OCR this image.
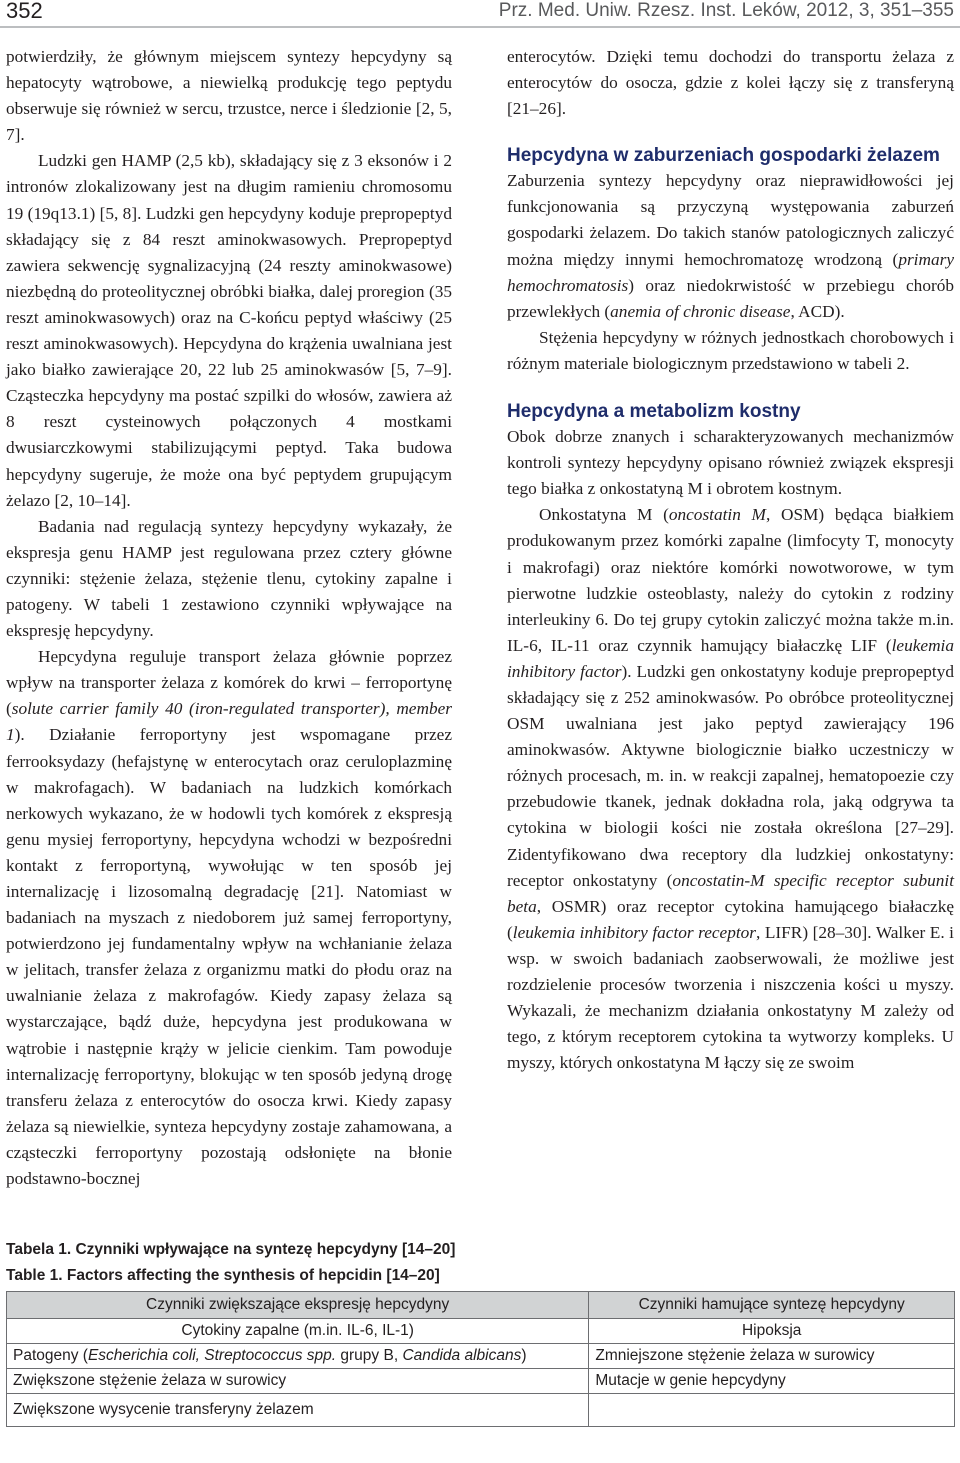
352	Prz. Med. Uniw. Rzesz. Inst. Leków, 2012, 3, 351–355

potwierdziły, że głównym miejscem syntezy hepcydyny są hepatocyty wątrobowe, a niewielką produkcję tego peptydu obserwuje się również w sercu, trzustce, nerce i śledzionie [2, 5, 7].

Ludzki gen HAMP (2,5 kb), składający się z 3 eksonów i 2 intronów zlokalizowany jest na długim ramieniu chromosomu 19 (19q13.1) [5, 8]. Ludzki gen hepcydyny koduje prepropeptyd składający się z 84 reszt aminokwasowych. Prepropeptyd zawiera sekwencję sygnalizacyjną (24 reszty aminokwasowe) niezbędną do proteolitycznej obróbki białka, dalej proregion (35 reszt aminokwasowych) oraz na C-końcu peptyd właściwy (25 reszt aminokwasowych). Hepcydyna do krążenia uwalniana jest jako białko zawierające 20, 22 lub 25 aminokwasów [5, 7–9]. Cząsteczka hepcydyny ma postać szpilki do włosów, zawiera aż 8 reszt cysteinowych połączonych 4 mostkami dwusiarczkowymi stabilizującymi peptyd. Taka budowa hepcydyny sugeruje, że może ona być peptydem grupującym żelazo [2, 10–14].

Badania nad regulacją syntezy hepcydyny wykazały, że ekspresja genu HAMP jest regulowana przez cztery główne czynniki: stężenie żelaza, stężenie tlenu, cytokiny zapalne i patogeny. W tabeli 1 zestawiono czynniki wpływające na ekspresję hepcydyny.

Hepcydyna reguluje transport żelaza głównie poprzez wpływ na transporter żelaza z komórek do krwi – ferroportynę (solute carrier family 40 (iron-regulated transporter), member 1). Działanie ferroportyny jest wspomagane przez ferrooksydazy (hefajstynę w enterocytach oraz ceruloplazminę w makrofagach). W badaniach na ludzkich komórkach nerkowych wykazano, że w hodowli tych komórek z ekspresją genu mysiej ferroportyny, hepcydyna wchodzi w bezpośredni kontakt z ferroportyną, wywołując w ten sposób jej internalizację i lizosomalną degradację [21]. Natomiast w badaniach na myszach z niedoborem już samej ferroportyny, potwierdzono jej fundamentalny wpływ na wchłanianie żelaza w jelitach, transfer żelaza z organizmu matki do płodu oraz na uwalnianie żelaza z makrofagów. Kiedy zapasy żelaza są wystarczające, bądź duże, hepcydyna jest produkowana w wątrobie i następnie krąży w jelicie cienkim. Tam powoduje internalizację ferroportyny, blokując w ten sposób jedyną drogę transferu żelaza z enterocytów do osocza krwi. Kiedy zapasy żelaza są niewielkie, synteza hepcydyny zostaje zahamowana, a cząsteczki ferroportyny pozostają odsłonięte na błonie podstawno-bocznej

enterocytów. Dzięki temu dochodzi do transportu żelaza z enterocytów do osocza, gdzie z kolei łączy się z transferyną [21–26].

Hepcydyna w zaburzeniach gospodarki żelazem

Zaburzenia syntezy hepcydyny oraz nieprawidłowości jej funkcjonowania są przyczyną występowania zaburzeń gospodarki żelazem. Do takich stanów patologicznych zaliczyć można między innymi hemochromatozę wrodzoną (primary hemochromatosis) oraz niedokrwistość w przebiegu chorób przewlekłych (anemia of chronic disease, ACD).

Stężenia hepcydyny w różnych jednostkach chorobowych i różnym materiale biologicznym przedstawiono w tabeli 2.

Hepcydyna a metabolizm kostny

Obok dobrze znanych i scharakteryzowanych mechanizmów kontroli syntezy hepcydyny opisano również związek ekspresji tego białka z onkostatyną M i obrotem kostnym.

Onkostatyna M (oncostatin M, OSM) będąca białkiem produkowanym przez komórki zapalne (limfocyty T, monocyty i makrofagi) oraz niektóre komórki nowotworowe, w tym pierwotne ludzkie osteoblasty, należy do cytokin z rodziny interleukiny 6. Do tej grupy cytokin zaliczyć można także m.in. IL-6, IL-11 oraz czynnik hamujący białaczkę LIF (leukemia inhibitory factor). Ludzki gen onkostatyny koduje prepropeptyd składający się z 252 aminokwasów. Po obróbce proteolitycznej OSM uwalniana jest jako peptyd zawierający 196 aminokwasów. Aktywne biologicznie białko uczestniczy w różnych procesach, m. in. w reakcji zapalnej, hematopoezie czy przebudowie tkanek, jednak dokładna rola, jaką odgrywa ta cytokina w biologii kości nie została określona [27–29]. Zidentyfikowano dwa receptory dla ludzkiej onkostatyny: receptor onkostatyny (oncostatin-M specific receptor subunit beta, OSMR) oraz receptor cytokina hamującego białaczkę (leukemia inhibitory factor receptor, LIFR) [28–30]. Walker E. i wsp. w swoich badaniach zaobserwowali, że możliwe jest rozdzielenie procesów tworzenia i niszczenia kości u myszy. Wykazali, że mechanizm działania onkostatyny M zależy od tego, z którym receptorem cytokina ta wytworzy kompleks. U myszy, których onkostatyna M łączy się ze swoim

Tabela 1. Czynniki wpływające na syntezę hepcydyny [14–20]
Table 1. Factors affecting the synthesis of hepcidin [14–20]
Czynniki zwiększające ekspresję hepcydyny	Czynniki hamujące syntezę hepcydyny
Cytokiny zapalne (m.in. IL-6, IL-1)	Hipoksja
Patogeny (Escherichia coli, Streptococcus spp. grupy B, Candida albicans)	Zmniejszone stężenie żelaza w surowicy
Zwiększone stężenie żelaza w surowicy	Mutacje w genie hepcydyny
Zwiększone wysycenie transferyny żelazem	
